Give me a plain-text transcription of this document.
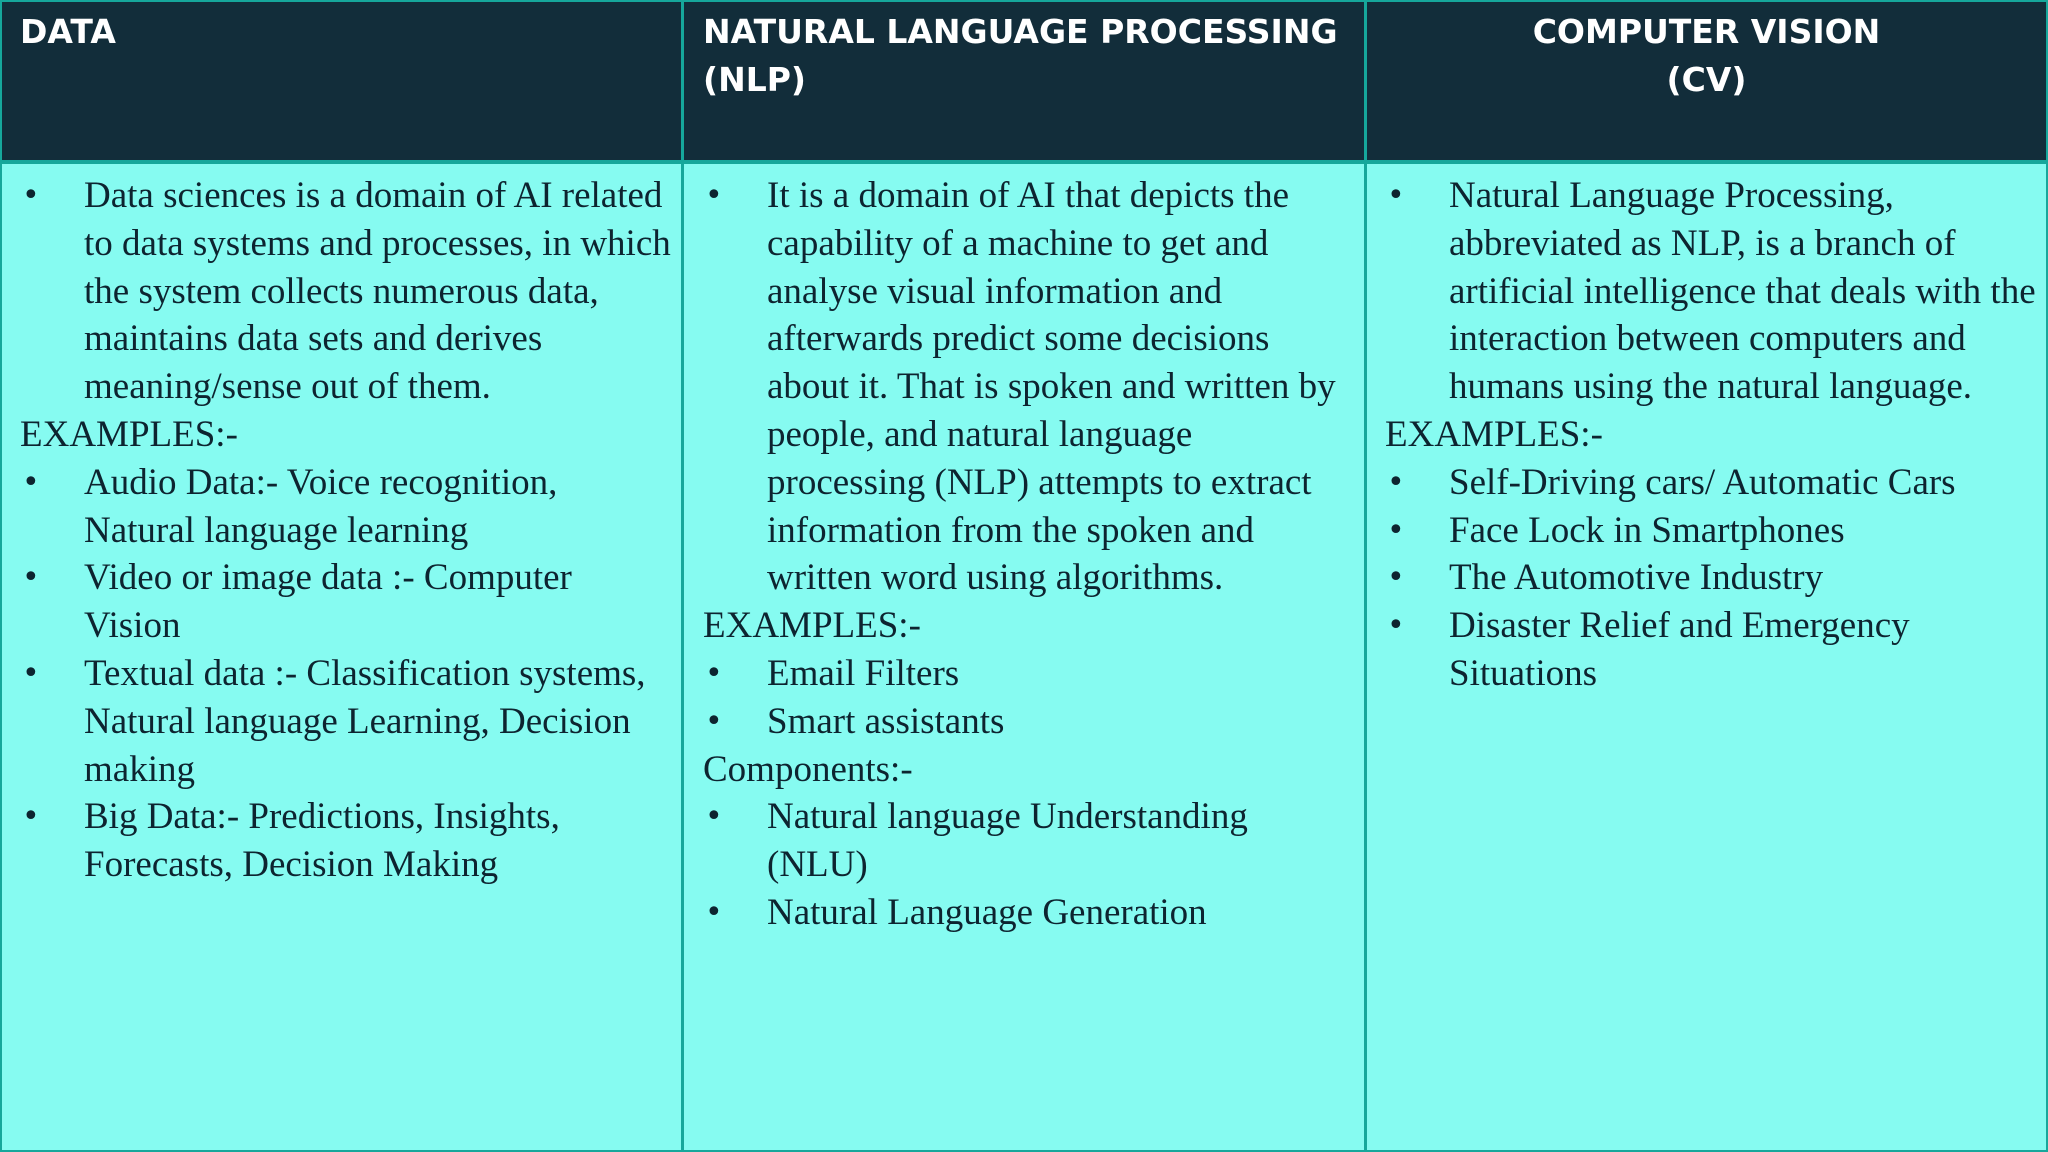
DATA
• Data sciences is a domain of AI related to data systems and processes, in which the system collects numerous data, maintains data sets and derives meaning/sense out of them.

EXAMPLES:-

• Audio Data:- Voice recognition, Natural language learning
• Video or image data :- Computer Vision
• Textual data :- Classification systems, Natural language Learning, Decision making
• Big Data:- Predictions, Insights, Forecasts, Decision Making
NATURAL LANGUAGE PROCESSING
(NLP)
• It is a domain of AI that depicts the capability of a machine to get and analyse visual information and afterwards predict some decisions about it. That is spoken and written by people, and natural language processing (NLP) attempts to extract information from the spoken and written word using algorithms.

EXAMPLES:-

• Email Filters
• Smart assistants

Components:-

• Natural language Understanding (NLU)
• Natural Language Generation
COMPUTER VISION
(CV)
• Natural Language Processing, abbreviated as NLP, is a branch of artificial intelligence that deals with the interaction between computers and humans using the natural language.

EXAMPLES:-

• Self-Driving cars/ Automatic Cars
• Face Lock in Smartphones
• The Automotive Industry
• Disaster Relief and Emergency Situations
